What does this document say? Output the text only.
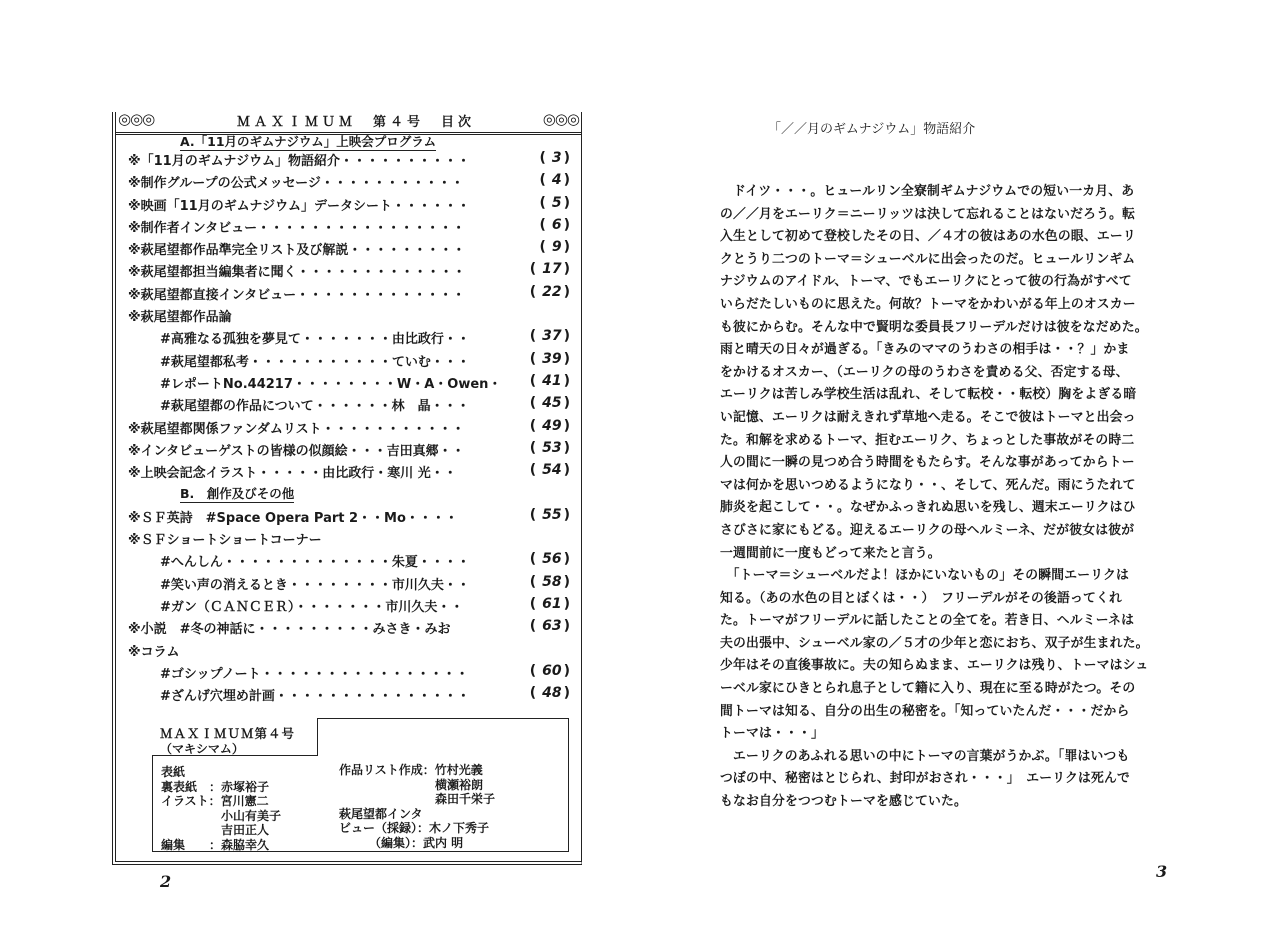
◎◎◎	ＭＡＸＩＭＵＭ　第４号　目次	◎◎◎
A.「11月のギムナジウム」上映会プログラム
※「11月のギムナジウム」物語紹介・・・・・・・・・・	( 3 )
※制作グループの公式メッセージ・・・・・・・・・・・	( 4 )
※映画「11月のギムナジウム」データシート・・・・・・	( 5 )
※制作者インタビュー・・・・・・・・・・・・・・・・	( 6 )
※萩尾望都作品準完全リスト及び解説・・・・・・・・・	( 9 )
※萩尾望都担当編集者に聞く・・・・・・・・・・・・・	( 17 )
※萩尾望都直接インタビュー・・・・・・・・・・・・・	( 22 )
※萩尾望都作品論
#高雅なる孤独を夢見て・・・・・・・由比政行・・	( 37 )
#萩尾望都私考・・・・・・・・・・・ていむ・・・	( 39 )
#レポートNo.44217・・・・・・・・W・A・Owen・	( 41 )
#萩尾望都の作品について・・・・・・林　晶・・・	( 45 )
※萩尾望都関係ファンダムリスト・・・・・・・・・・・	( 49 )
※インタビューゲストの皆様の似顔絵・・・吉田真郷・・	( 53 )
※上映会記念イラスト・・・・・由比政行・寒川 光・・	( 54 )
B.　創作及びその他
※ＳＦ英詩　#Space Opera Part 2・・Mo・・・・	( 55 )
※ＳＦショートショートコーナー
#へんしん・・・・・・・・・・・・・朱夏・・・・	( 56 )
#笑い声の消えるとき・・・・・・・・市川久夫・・	( 58 )
#ガン（ＣＡＮＣＥＲ）・・・・・・・市川久夫・・	( 61 )
※小説　#冬の神話に・・・・・・・・・みさき・みお	( 63 )
※コラム
#ゴシップノート・・・・・・・・・・・・・・・・	( 60 )
#ざんげ穴埋め計画・・・・・・・・・・・・・・・	( 48 )
表紙
裏表紙　：赤塚裕子
イラスト：宮川憲二
　　　　　小山有美子
　　　　　吉田正人
編集　　：森脇幸久
作品リスト作成：竹村光義
　　　　　　　　横瀬裕朗
　　　　　　　　森田千栄子
萩尾望都インタ
ビュー（採録）：木ノ下秀子
　　　（編集）：武内 明
ＭＡＸＩＭＵＭ第４号
（マキシマム）
2
「／／月のギムナジウム」物語紹介
　ドイツ・・・。ヒュールリン全寮制ギムナジウムでの短い一カ月、あ
の／／月をエーリク＝ニーリッツは決して忘れることはないだろう。転
入生として初めて登校したその日、／４才の彼はあの水色の眼、エーリ
クとうり二つのトーマ＝シューベルに出会ったのだ。ヒュールリンギム
ナジウムのアイドル、トーマ、でもエーリクにとって彼の行為がすべて
いらだたしいものに思えた。何故？トーマをかわいがる年上のオスカー
も彼にからむ。そんな中で賢明な委員長フリーデルだけは彼をなだめた。
雨と晴天の日々が過ぎる。「きみのママのうわさの相手は・・？」かま
をかけるオスカー、（エーリクの母のうわさを責める父、否定する母、
エーリクは苦しみ学校生活は乱れ、そして転校・・転校）胸をよぎる暗
い記憶、エーリクは耐えきれず草地へ走る。そこで彼はトーマと出会っ
た。和解を求めるトーマ、拒むエーリク、ちょっとした事故がその時二
人の間に一瞬の見つめ合う時間をもたらす。そんな事があってからトー
マは何かを思いつめるようになり・・、そして、死んだ。雨にうたれて
肺炎を起こして・・。なぜかふっきれぬ思いを残し、週末エーリクはひ
さびさに家にもどる。迎えるエーリクの母ヘルミーネ、だが彼女は彼が
一週間前に一度もどって来たと言う。
　「トーマ＝シューベルだよ！ほかにいないもの」その瞬間エーリクは
知る。（あの水色の目とぼくは・・）　フリーデルがその後語ってくれ
た。トーマがフリーデルに話したことの全てを。若き日、ヘルミーネは
夫の出張中、シューベル家の／５才の少年と恋におち、双子が生まれた。
少年はその直後事故に。夫の知らぬまま、エーリクは残り、トーマはシュ
ーベル家にひきとられ息子として籍に入り、現在に至る時がたつ。その
間トーマは知る、自分の出生の秘密を。「知っていたんだ・・・だから
トーマは・・・」
　エーリクのあふれる思いの中にトーマの言葉がうかぶ。「罪はいつも
つぼの中、秘密はとじられ、封印がおされ・・・」　エーリクは死んで
もなお自分をつつむトーマを感じていた。
3
